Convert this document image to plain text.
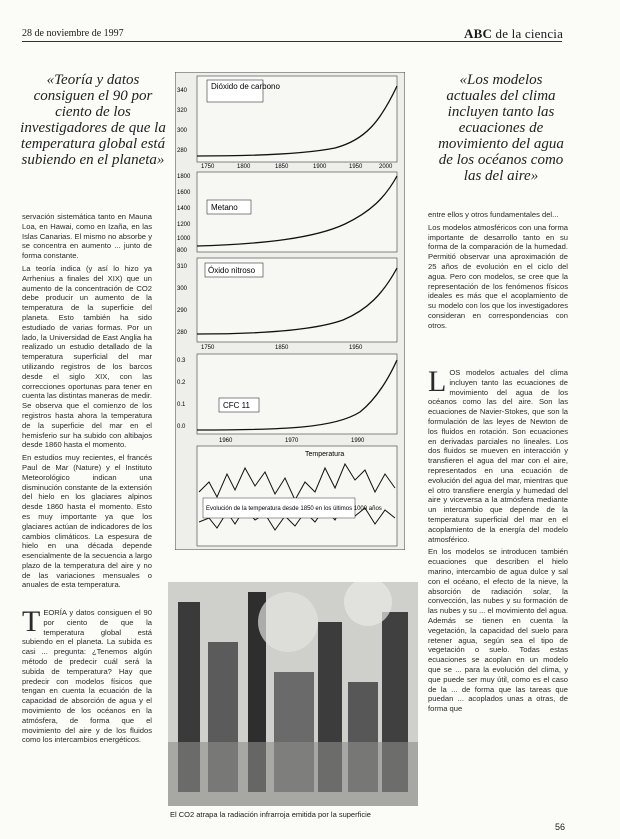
28 de noviembre de 1997	ABC de la ciencia
«Teoría y datos consiguen el 90 por ciento de los investigadores de que la temperatura global está subiendo en el planeta»
«Los modelos actuales del clima incluyen tanto las ecuaciones de movimiento del agua de los océanos como las del aire»

servación sistemática tanto en Mauna Loa, en Hawai, como en Izaña, en las Islas Canarias. El mismo no absorbe y se concentra en aumento ... junto de forma constante.

La teoría indica (y así lo hizo ya Arrhenius a finales del XIX) que un aumento de la concentración de CO2 debe producir un aumento de la temperatura de la superficie del planeta. Esto también ha sido estudiado de varias formas. Por un lado, la Universidad de East Anglia ha realizado un estudio detallado de la temperatura superficial del mar utilizando registros de los barcos desde el siglo XIX, con las correcciones oportunas para tener en cuenta las distintas maneras de medir. Se observa que el comienzo de los registros hasta ahora la temperatura de la superficie del mar en el hemisferio sur ha subido con altibajos desde 1860 hasta el momento.

En estudios muy recientes, el francés Paul de Mar (Nature) y el Instituto Meteorológico indican una disminución constante de la extensión del hielo en los glaciares alpinos desde 1860 hasta el momento. Esto es muy importante ya que los glaciares actúan de indicadores de los cambios climáticos. La espesura de hielo en una década depende esencialmente de la secuencia a largo plazo de la temperatura del aire y no de las variaciones mensuales o anuales de esta temperatura.

T EORÍA y datos consiguen el 90 por ciento de que la temperatura global está subiendo en el planeta. La subida es casi ... pregunta: ¿Tenemos algún método de predecir cuál será la subida de temperatura? Hay que predecir con modelos físicos que tengan en cuenta la ecuación de la capacidad de absorción de agua y el movimiento de los océanos en la atmósfera, de forma que el movimiento del aire y de los fluidos como los intercambios energéticos.

entre ellos y otros fundamentales del...

Los modelos atmosféricos con una forma importante de desarrollo tanto en su forma de la comparación de la humedad. Permitió observar una aproximación de 25 años de evolución en el ciclo del agua. Pero con modelos, se cree que la representación de los fenómenos físicos ideales es más que el acoplamiento de su modelo con los que los investigadores consideran en correspondencias con otros.

L OS modelos actuales del clima incluyen tanto las ecuaciones de movimiento del agua de los océanos como las del aire. Son las ecuaciones de Navier-Stokes, que son la formulación de las leyes de Newton de los fluidos en rotación. Son ecuaciones en derivadas parciales no lineales. Los dos fluidos se mueven en interacción y transfieren el agua del mar con el aire, representados en una ecuación de evolución del agua del mar, mientras que el otro transfiere energía y humedad del aire y viceversa a la atmósfera mediante un intercambio que depende de la temperatura superficial del mar en el acoplamiento de la energía del modelo atmosférico.

En los modelos se introducen también ecuaciones que describen el hielo marino, intercambio de agua dulce y sal con el océano, el efecto de la nieve, la absorción de radiación solar, la convección, las nubes y su formación de las nubes y su ... el movimiento del agua. Además se tienen en cuenta la vegetación, la capacidad del suelo para retener agua, según sea el tipo de vegetación o suelo. Todas estas ecuaciones se acoplan en un modelo que se ... para la evolución del clima, y que puede ser muy útil, como es el caso de la ... de forma que las tareas que puedan ... acoplados unas a otras, de forma que

Dióxido de carbono
340
320
300
280
1750	1800	1850	1900	1950	2000
Metano
1800
1600
1400
1200
1000
800
Óxido nitroso
310
300
290
280
1750	1850	1950
CFC 11
0.3
0.2
0.1
0.0
1960	1970	1990
Temperatura
Evolución de la temperatura desde 1850 en los últimos 1000 años
El CO2 atrapa la radiación infrarroja emitida por la superficie
56
